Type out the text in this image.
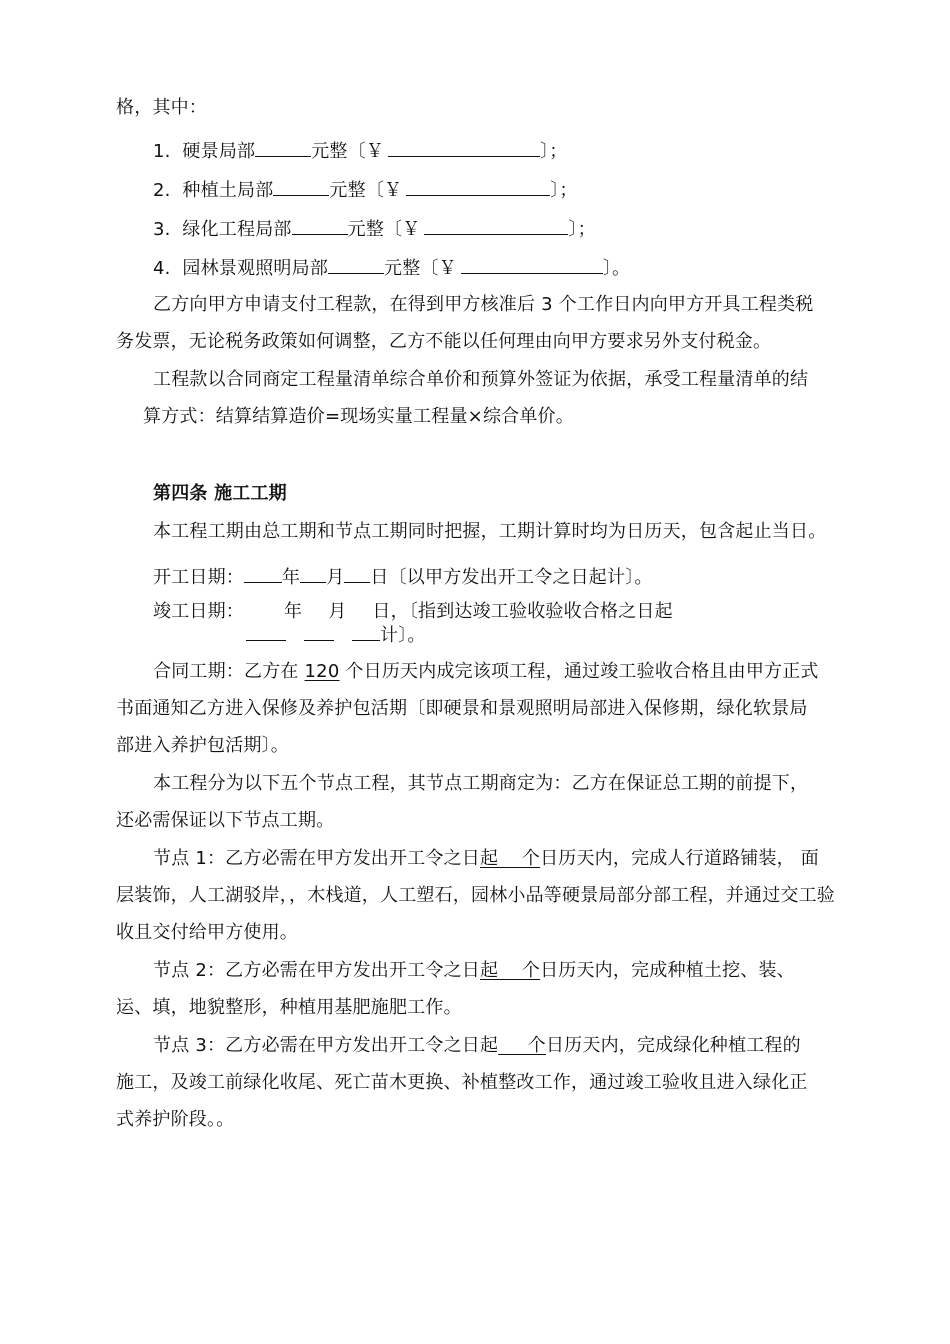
格，其中：
1. 硬景局部	元整〔￥	〕；
2. 种植土局部	元整〔￥	〕；
3. 绿化工程局部	元整〔￥	〕；
4. 园林景观照明局部	元整〔￥	〕。
乙方向甲方申请支付工程款，在得到甲方核准后 3 个工作日内向甲方开具工程类税
务发票，无论税务政策如何调整，乙方不能以任何理由向甲方要求另外支付税金。
工程款以合同商定工程量清单综合单价和预算外签证为依据，承受工程量清单的结
算方式：结算结算造价=现场实量工程量×综合单价。
第四条 施工工期
本工程工期由总工期和节点工期同时把握，工期计算时均为日历天，包含起止当日。
开工日期： 年 月 日〔以甲方发出开工令之日起计〕。
竣工日期： 年 月 日，〔指到达竣工验收验收合格之日起
计〕。
合同工期：乙方在 120 个日历天内成完该项工程，通过竣工验收合格且由甲方正式
书面通知乙方进入保修及养护包活期〔即硬景和景观照明局部进入保修期，绿化软景局
部进入养护包活期〕。
本工程分为以下五个节点工程，其节点工期商定为：乙方在保证总工期的前提下，
还必需保证以下节点工期。
节点 1：乙方必需在甲方发出开工令之日起    个日历天内，完成人行道路铺装， 面
层装饰，人工湖驳岸，，木栈道，人工塑石，园林小品等硬景局部分部工程，并通过交工验
收且交付给甲方使用。
节点 2：乙方必需在甲方发出开工令之日起    个日历天内，完成种植土挖、装、
运、填，地貌整形，种植用基肥施肥工作。
节点 3：乙方必需在甲方发出开工令之日起     个日历天内，完成绿化种植工程的
施工，及竣工前绿化收尾、死亡苗木更换、补植整改工作，通过竣工验收且进入绿化正
式养护阶段。。
